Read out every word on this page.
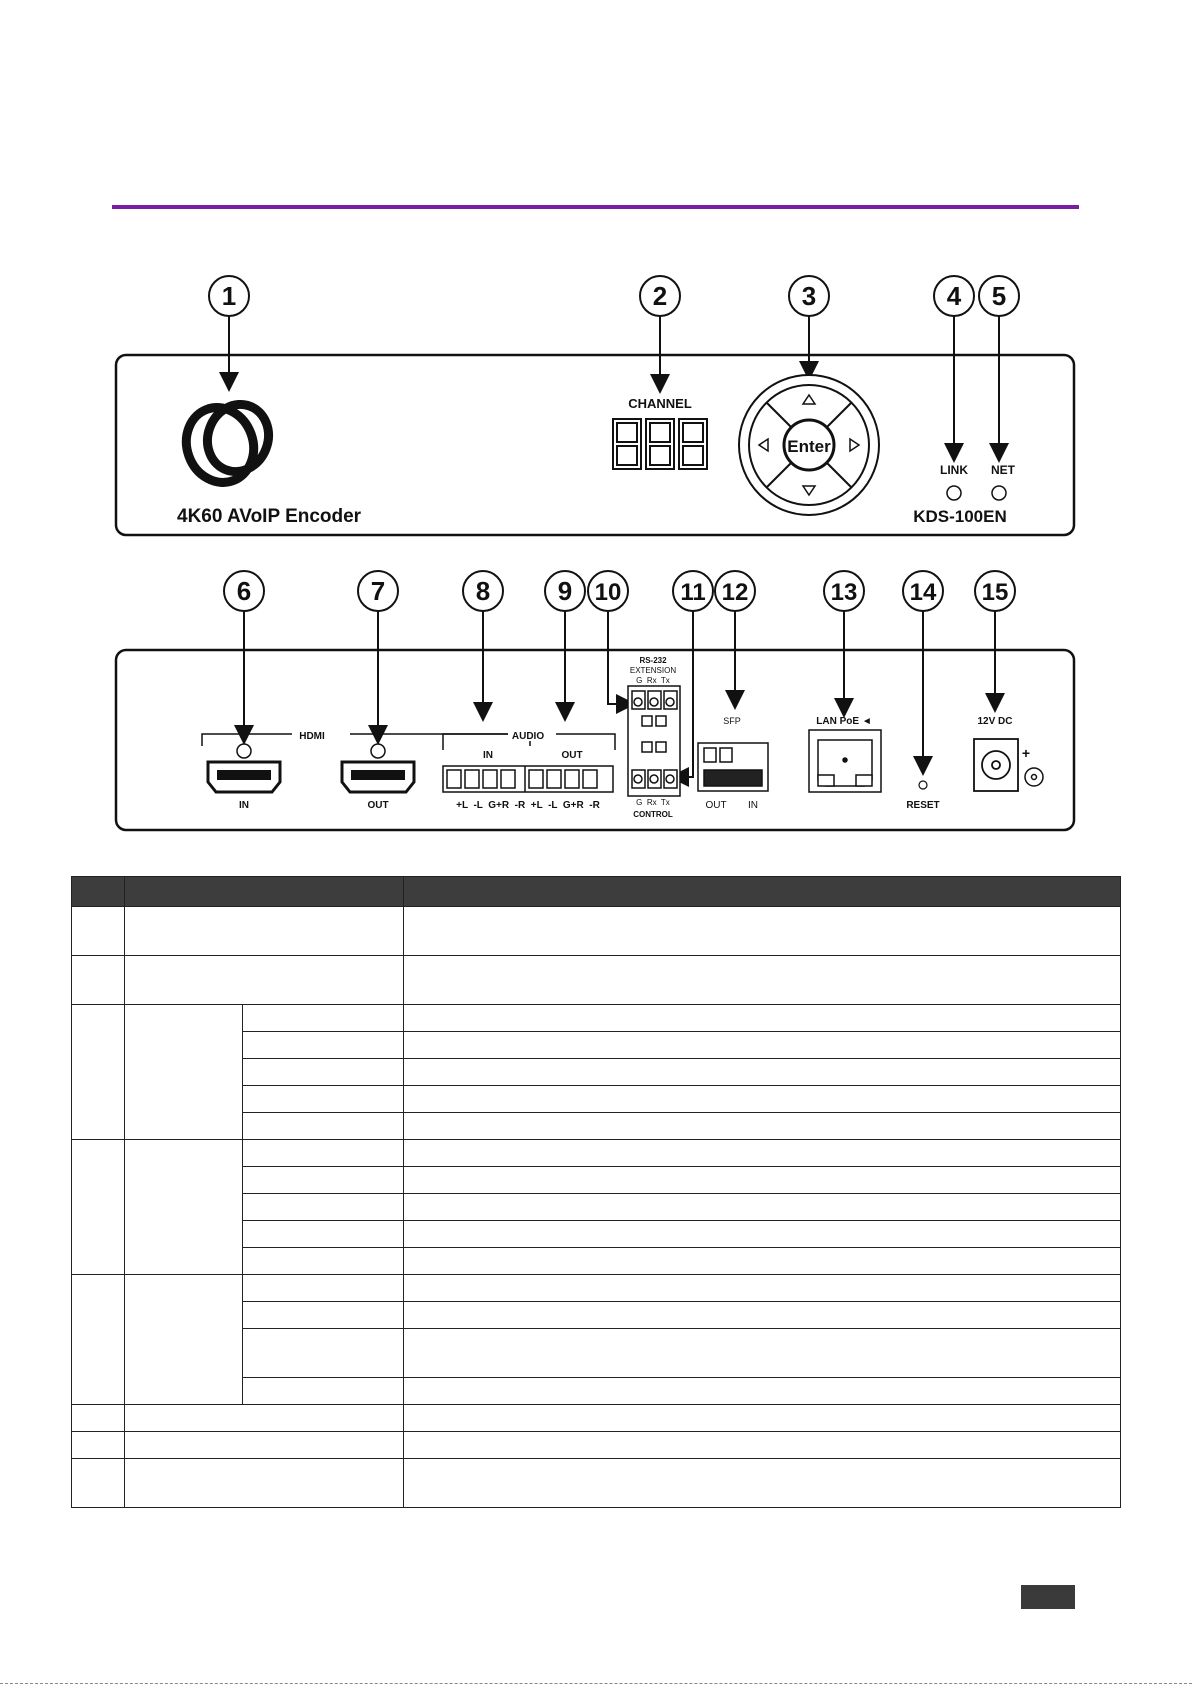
1	2	3	4 5
4K60 AVoIP Encoder
CHANNEL
Enter
LINK NET
KDS-100EN
6	7	8	9 10 11 12	13 14 15
HDMI
IN	OUT
AUDIO
IN	OUT
+L  -L  G+R  -R  +L  -L  G+R  -R
RS-232
EXTENSION
G  Rx  Tx
G  Rx  Tx
CONTROL
SFP
OUT IN
LAN PoE ◄
RESET
12V DC
+
